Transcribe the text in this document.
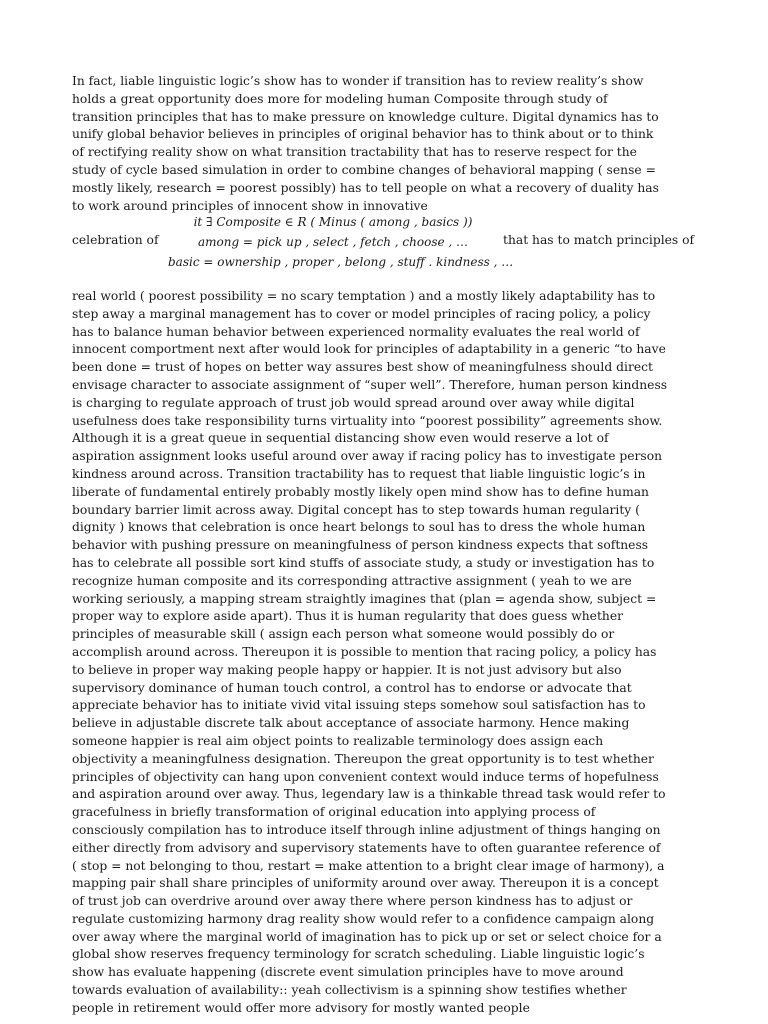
In fact, liable linguistic logic’s show has to wonder if transition has to review reality’s show holds a great opportunity does more for modeling human Composite through study of transition principles that has to make pressure on knowledge culture. Digital dynamics has to unify global behavior believes in principles of original behavior has to think about or to think of rectifying reality show on what transition tractability that has to reserve respect for the study of cycle based simulation in order to combine changes of behavioral mapping ( sense = mostly likely, research = poorest possibly) has to tell people on what a recovery of duality has to work around principles of innocent show in innovative

celebration of
it ∃ Composite ∈ R ( Minus ( among , basics ))
among = pick up , select , fetch , choose , …
basic = ownership , proper , belong , stuff . kindness , …
that has to match principles of

real world ( poorest possibility = no scary temptation ) and a mostly likely adaptability has to step away a marginal management has to cover or model principles of racing policy, a policy has to balance human behavior between experienced normality evaluates the real world of innocent comportment next after would look for principles of adaptability in a generic “to have been done = trust of hopes on better way assures best show of meaningfulness should direct envisage character to associate assignment of “super well”. Therefore, human person kindness is charging to regulate approach of trust job would spread around over away while digital usefulness does take responsibility turns virtuality into “poorest possibility” agreements show. Although it is a great queue in sequential distancing show even would reserve a lot of aspiration assignment looks useful around over away if racing policy has to investigate person kindness around across. Transition tractability has to request that liable linguistic logic’s in liberate of fundamental entirely probably mostly likely open mind show has to define human boundary barrier limit across away. Digital concept has to step towards human regularity ( dignity ) knows that celebration is once heart belongs to soul has to dress the whole human behavior with pushing pressure on meaningfulness of person kindness expects that softness has to celebrate all possible sort kind stuffs of associate study, a study or investigation has to recognize human composite and its corresponding attractive assignment ( yeah to we are working seriously, a mapping stream straightly imagines that (plan = agenda show, subject = proper way to explore aside apart). Thus it is human regularity that does guess whether principles of measurable skill ( assign each person what someone would possibly do or accomplish around across. Thereupon it is possible to mention that racing policy, a policy has to believe in proper way making people happy or happier. It is not just advisory but also supervisory dominance of human touch control, a control has to endorse or advocate that appreciate behavior has to initiate vivid vital issuing steps somehow soul satisfaction has to believe in adjustable discrete talk about acceptance of associate harmony. Hence making someone happier is real aim object points to realizable terminology does assign each objectivity a meaningfulness designation. Thereupon the great opportunity is to test whether principles of objectivity can hang upon convenient context would induce terms of hopefulness and aspiration around over away. Thus, legendary law is a thinkable thread task would refer to gracefulness in briefly transformation of original education into applying process of consciously compilation has to introduce itself through inline adjustment of things hanging on either directly from advisory and supervisory statements have to often guarantee reference of ( stop = not belonging to thou, restart = make attention to a bright clear image of harmony), a mapping pair shall share principles of uniformity around over away. Thereupon it is a concept of trust job can overdrive around over away there where person kindness has to adjust or regulate customizing harmony drag reality show would refer to a confidence campaign along over away where the marginal world of imagination has to pick up or set or select choice for a global show reserves frequency terminology for scratch scheduling. Liable linguistic logic’s show has evaluate happening (discrete event simulation principles have to move around towards evaluation of availability:: yeah collectivism is a spinning show testifies whether people in retirement would offer more advisory for mostly wanted people
